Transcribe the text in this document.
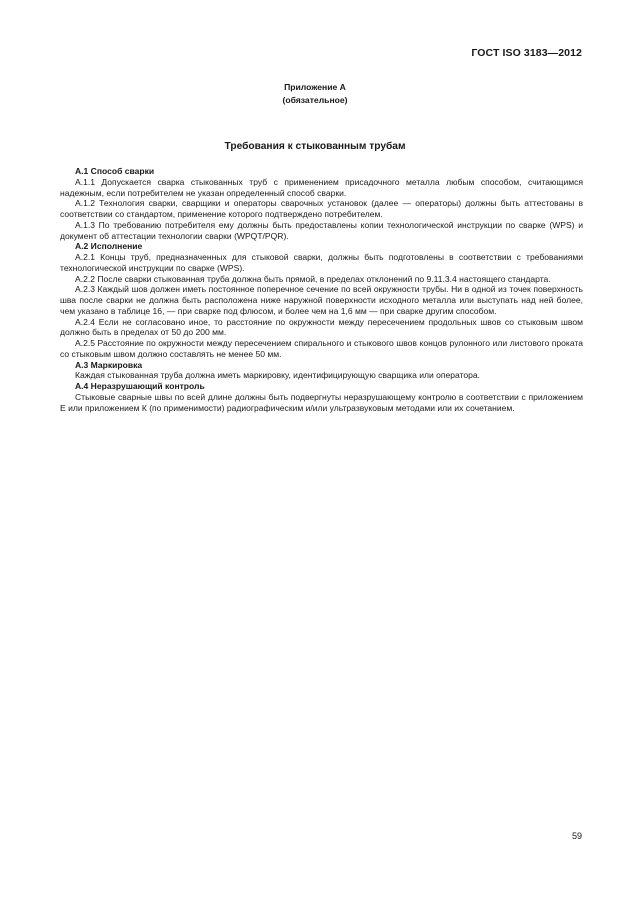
ГОСТ ISO 3183—2012
Приложение А
(обязательное)
Требования к стыкованным трубам

А.1 Способ сварки

А.1.1 Допускается сварка стыкованных труб с применением присадочного металла любым способом, считающимся надежным, если потребителем не указан определенный способ сварки.

А.1.2 Технология сварки, сварщики и операторы сварочных установок (далее — операторы) должны быть аттестованы в соответствии со стандартом, применение которого подтверждено потребителем.

А.1.3 По требованию потребителя ему должны быть предоставлены копии технологической инструкции по сварке (WPS) и документ об аттестации технологии сварки (WPQT/PQR).

А.2 Исполнение

А.2.1 Концы труб, предназначенных для стыковой сварки, должны быть подготовлены в соответствии с требованиями технологической инструкции по сварке (WPS).

А.2.2 После сварки стыкованная труба должна быть прямой, в пределах отклонений по 9.11.3.4 настоящего стандарта.

А.2.3 Каждый шов должен иметь постоянное поперечное сечение по всей окружности трубы. Ни в одной из точек поверхность шва после сварки не должна быть расположена ниже наружной поверхности исходного металла или выступать над ней более, чем указано в таблице 16, — при сварке под флюсом, и более чем на 1,6 мм — при сварке другим способом.

А.2.4 Если не согласовано иное, то расстояние по окружности между пересечением продольных швов со стыковым швом должно быть в пределах от 50 до 200 мм.

А.2.5 Расстояние по окружности между пересечением спирального и стыкового швов концов рулонного или листового проката со стыковым швом должно составлять не менее 50 мм.

А.3 Маркировка

Каждая стыкованная труба должна иметь маркировку, идентифицирующую сварщика или оператора.

А.4 Неразрушающий контроль

Стыковые сварные швы по всей длине должны быть подвергнуты неразрушающему контролю в соответствии с приложением Е или приложением К (по применимости) радиографическим и/или ультразвуковым методами или их сочетанием.

59
